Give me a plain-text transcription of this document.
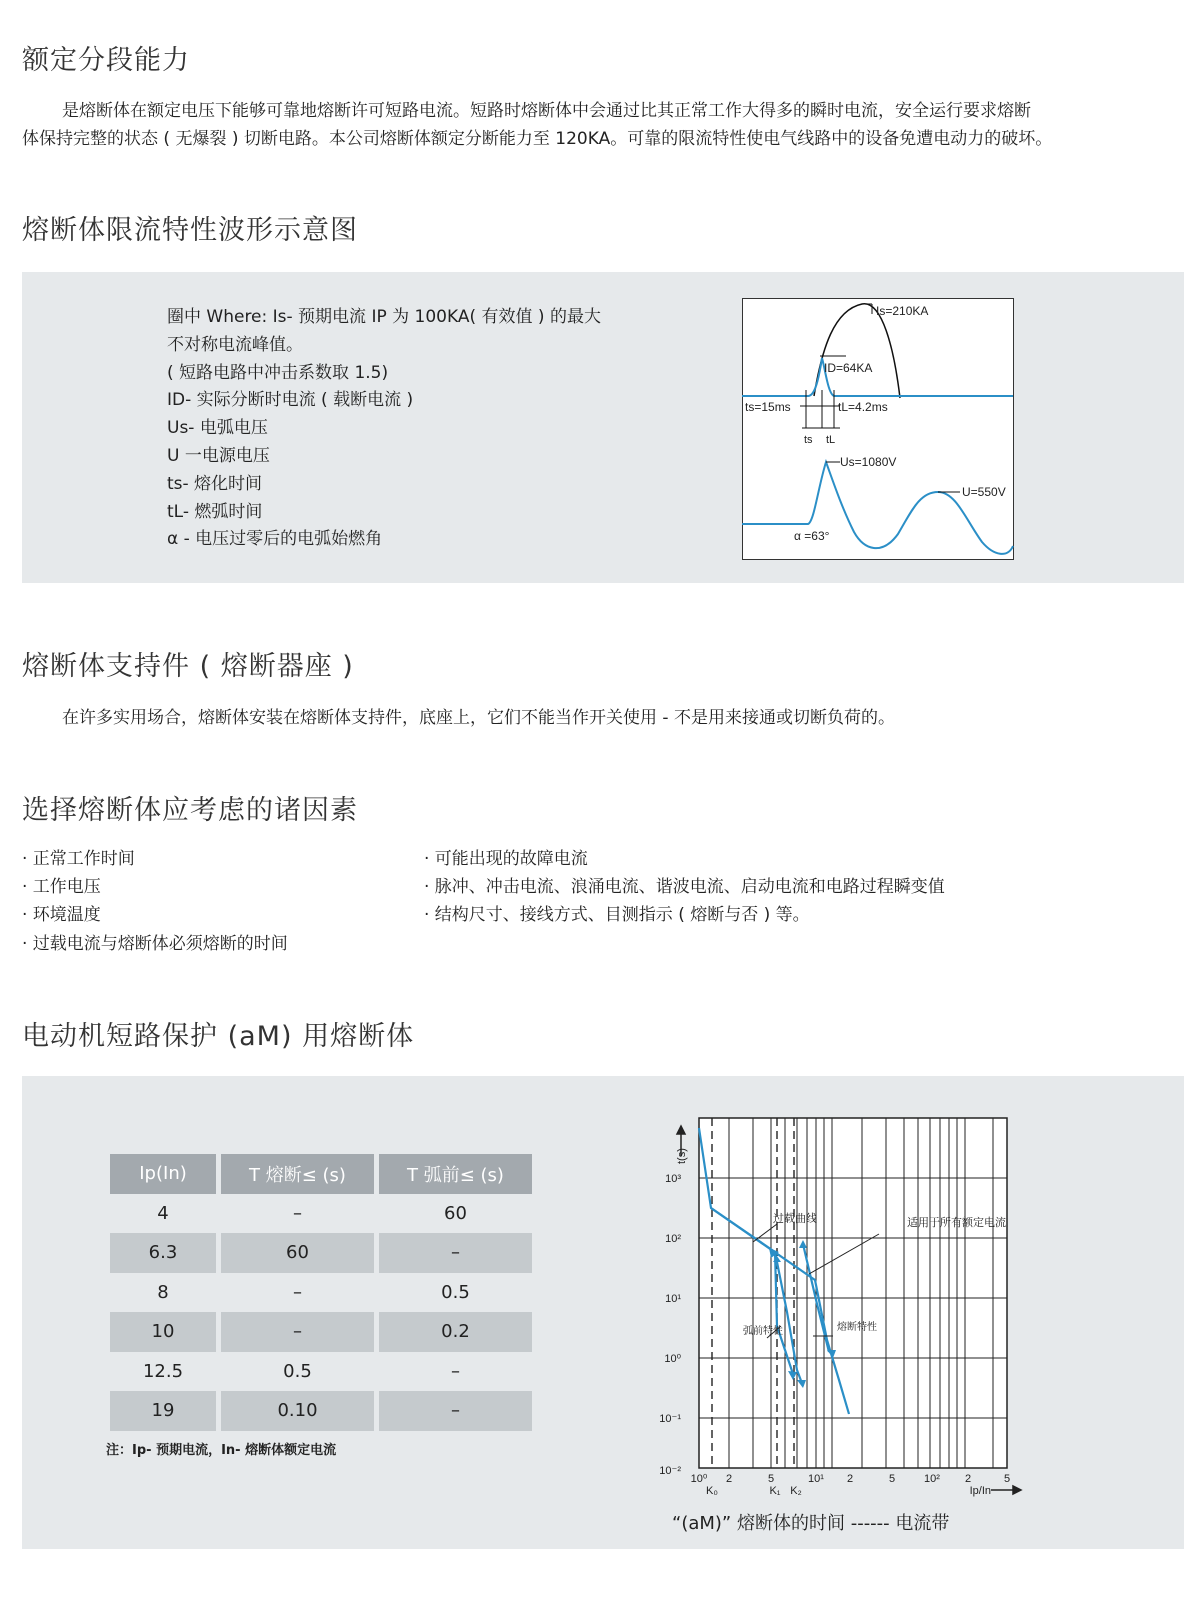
额定分段能力
是熔断体在额定电压下能够可靠地熔断许可短路电流。短路时熔断体中会通过比其正常工作大得多的瞬时电流，安全运行要求熔断
体保持完整的状态 ( 无爆裂 ) 切断电路。本公司熔断体额定分断能力至 120KA。可靠的限流特性使电气线路中的设备免遭电动力的破坏。
熔断体限流特性波形示意图
圈中 Where: Is- 预期电流 IP 为 100KA( 有效值 ) 的最大
不对称电流峰值。
( 短路电路中冲击系数取 1.5)
ID- 实际分断时电流 ( 载断电流 )
Us- 电弧电压
U 一电源电压
ts- 熔化时间
tL- 燃弧时间
α - 电压过零后的电弧始燃角
Is=210KA
ID=64KA
ts=15ms	tL=4.2ms
ts tL
Us=1080V
U=550V
α =63°
熔断体支持件 ( 熔断器座 )
在许多实用场合，熔断体安装在熔断体支持件，底座上，它们不能当作开关使用 - 不是用来接通或切断负荷的。
选择熔断体应考虑的诸因素
· 正常工作时间
· 工作电压
· 环境温度
· 过载电流与熔断体必须熔断的时间
· 可能出现的故障电流
· 脉冲、冲击电流、浪涌电流、谐波电流、启动电流和电路过程瞬变值
· 结构尺寸、接线方式、目测指示 ( 熔断与否 ) 等。
电动机短路保护 (aM) 用熔断体
Ip(In)	T 熔断≤ (s)	T 弧前≤ (s)
4	–	60
6.3	60	–
8	–	0.5
10	–	0.2
12.5	0.5	–
19	0.10	–
注：Ip- 预期电流，In- 熔断体额定电流
10³
10²
10¹
10⁰
10⁻¹
10⁻²
10⁰ 2	5	10¹ 2	5	10² 2	5
K₀	K₁ K₂	Ip/In
t(s)
过载曲线	适用于所有额定电流
弧前特性	熔断特性
“(aM)” 熔断体的时间 ------ 电流带
